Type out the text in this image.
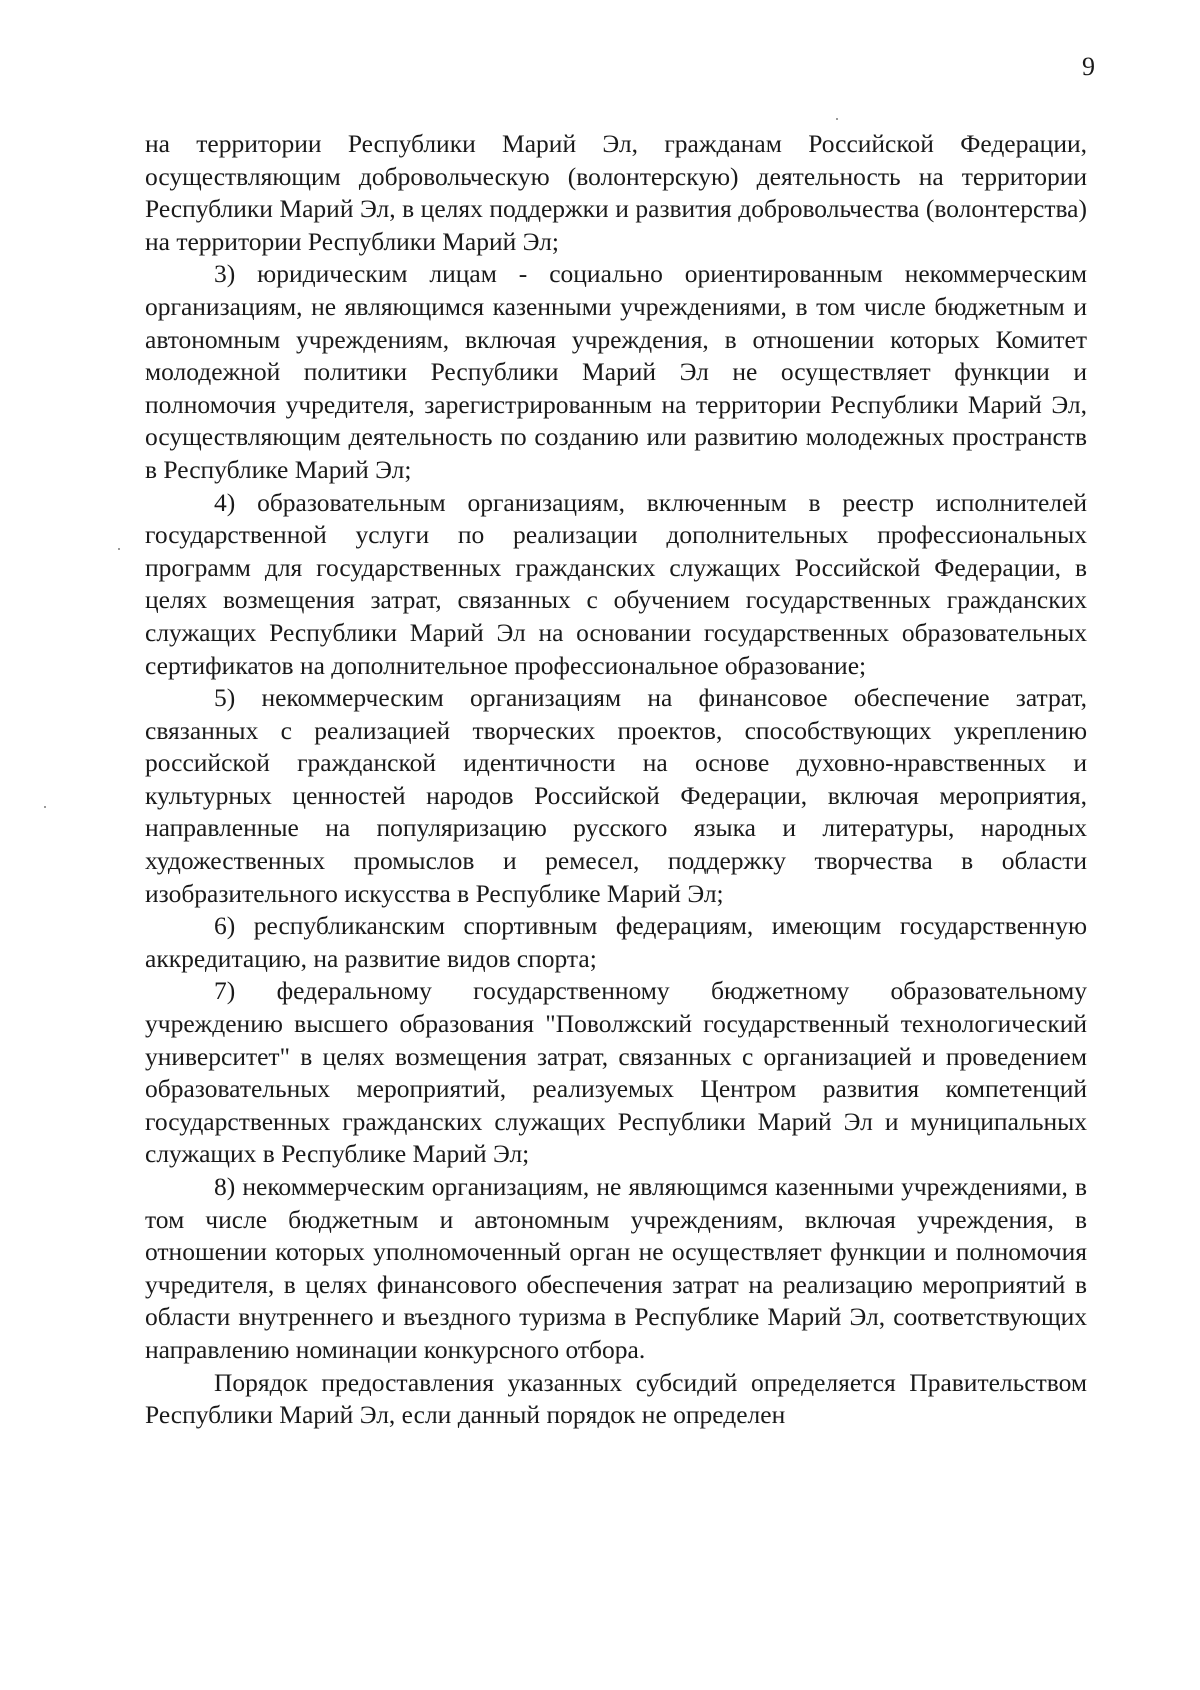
9

на территории Республики Марий Эл, гражданам Российской Федерации, осуществляющим добровольческую (волонтерскую) деятельность на территории Республики Марий Эл, в целях поддержки и развития добровольчества (волонтерства) на территории Республики Марий Эл;

3) юридическим лицам - социально ориентированным некоммерческим организациям, не являющимся казенными учреждениями, в том числе бюджетным и автономным учреждениям, включая учреждения, в отношении которых Комитет молодежной политики Республики Марий Эл не осуществляет функции и полномочия учредителя, зарегистрированным на территории Республики Марий Эл, осуществляющим деятельность по созданию или развитию молодежных пространств в Республике Марий Эл;

4) образовательным организациям, включенным в реестр исполнителей государственной услуги по реализации дополнительных профессиональных программ для государственных гражданских служащих Российской Федерации, в целях возмещения затрат, связанных с обучением государственных гражданских служащих Республики Марий Эл на основании государственных образовательных сертификатов на дополнительное профессиональное образование;

5) некоммерческим организациям на финансовое обеспечение затрат, связанных с реализацией творческих проектов, способствующих укреплению российской гражданской идентичности на основе духовно-нравственных и культурных ценностей народов Российской Федерации, включая мероприятия, направленные на популяризацию русского языка и литературы, народных художественных промыслов и ремесел, поддержку творчества в области изобразительного искусства в Республике Марий Эл;

6) республиканским спортивным федерациям, имеющим государственную аккредитацию, на развитие видов спорта;

7) федеральному государственному бюджетному образовательному учреждению высшего образования "Поволжский государственный технологический университет" в целях возмещения затрат, связанных с организацией и проведением образовательных мероприятий, реализуемых Центром развития компетенций государственных гражданских служащих Республики Марий Эл и муниципальных служащих в Республике Марий Эл;

8) некоммерческим организациям, не являющимся казенными учреждениями, в том числе бюджетным и автономным учреждениям, включая учреждения, в отношении которых уполномоченный орган не осуществляет функции и полномочия учредителя, в целях финансового обеспечения затрат на реализацию мероприятий в области внутреннего и въездного туризма в Республике Марий Эл, соответствующих направлению номинации конкурсного отбора.

Порядок предоставления указанных субсидий определяется Правительством Республики Марий Эл, если данный порядок не определен
